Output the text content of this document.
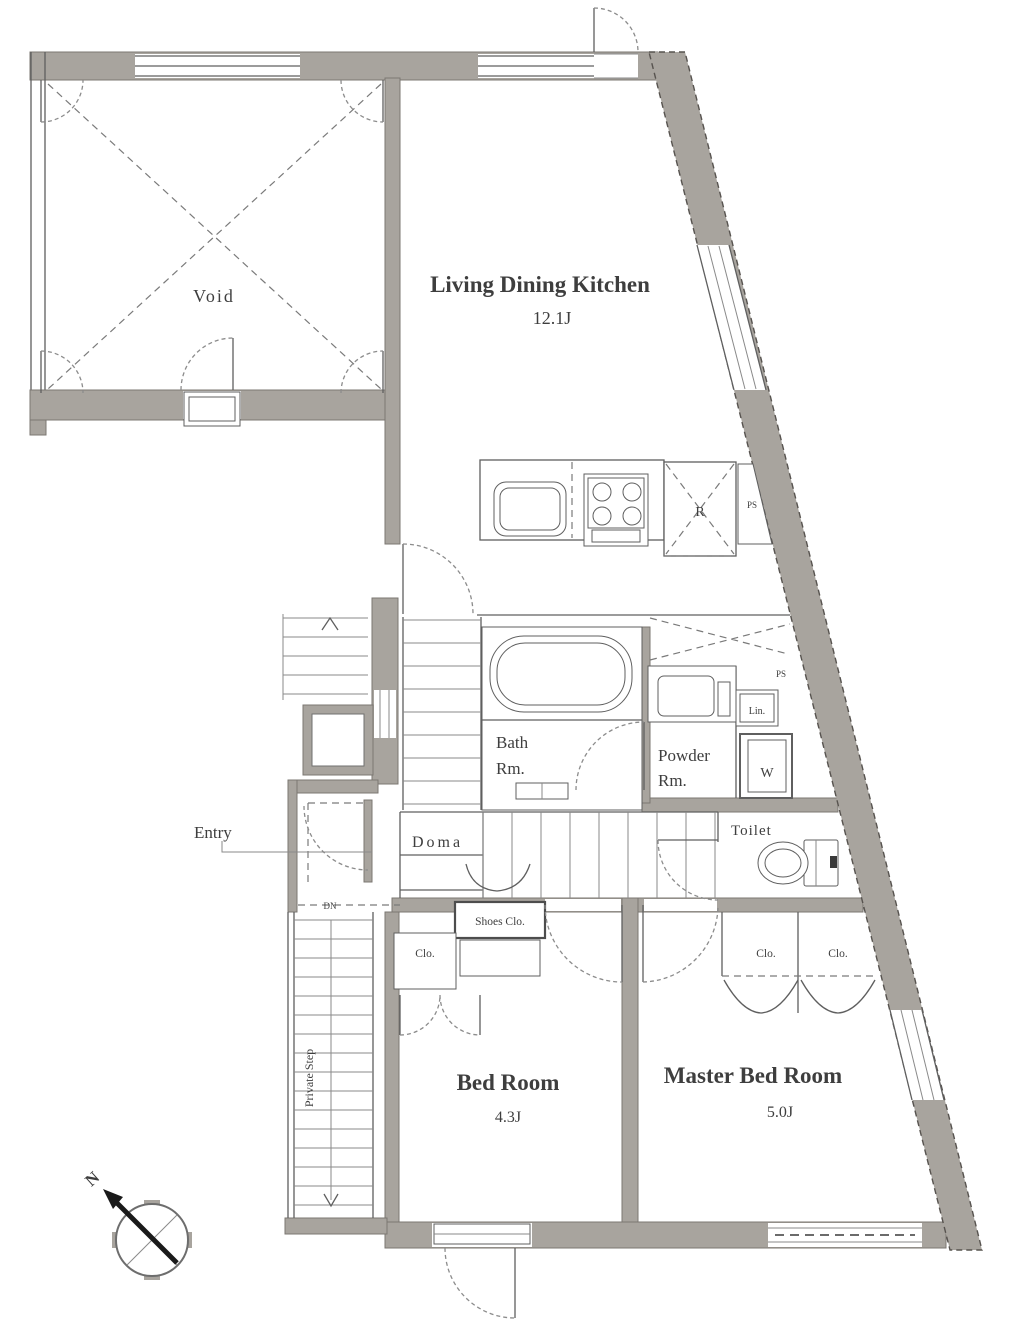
Void	Living Dining Kitchen
12.1J
R	PS
Doma
Entry
DN
Bath
Rm.
Powder
Rm.
Lin.
PS
W
Toilet
Shoes Clo.
Clo.
Bed Room
4.3J
Clo.	Clo.
Master Bed Room
5.0J
Private Step
N
